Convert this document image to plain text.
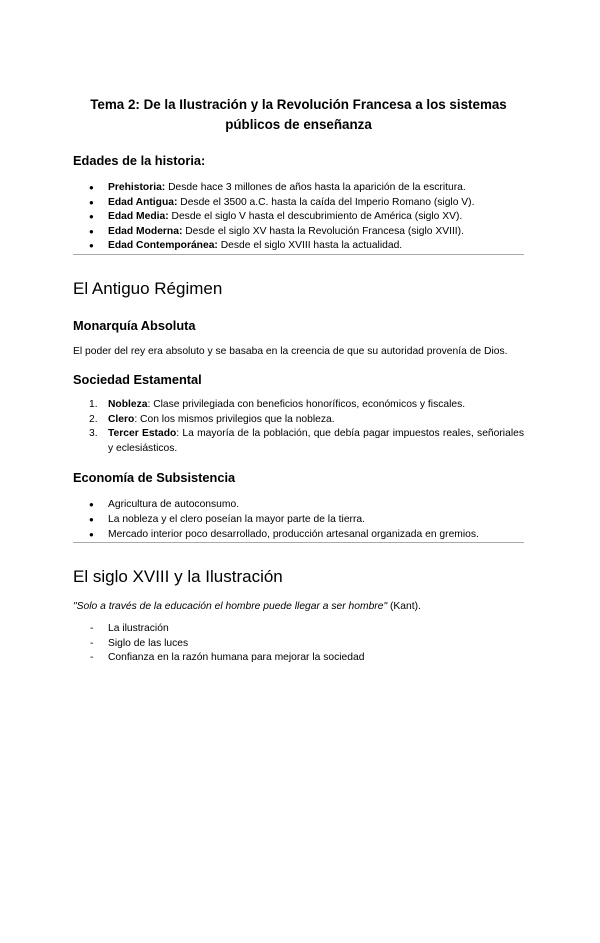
Tema 2: De la Ilustración y la Revolución Francesa a los sistemas
públicos de enseñanza
Edades de la historia:
● Prehistoria: Desde hace 3 millones de años hasta la aparición de la escritura.
● Edad Antigua: Desde el 3500 a.C. hasta la caída del Imperio Romano (siglo V).
● Edad Media: Desde el siglo V hasta el descubrimiento de América (siglo XV).
● Edad Moderna: Desde el siglo XV hasta la Revolución Francesa (siglo XVIII).
● Edad Contemporánea: Desde el siglo XVIII hasta la actualidad.
El Antiguo Régimen
Monarquía Absoluta

El poder del rey era absoluto y se basaba en la creencia de que su autoridad provenía de Dios.

Sociedad Estamental
1. Nobleza: Clase privilegiada con beneficios honoríficos, económicos y fiscales.
2. Clero: Con los mismos privilegios que la nobleza.
3. Tercer Estado: La mayoría de la población, que debía pagar impuestos reales, señoriales y eclesiásticos.
Economía de Subsistencia
● Agricultura de autoconsumo.
● La nobleza y el clero poseían la mayor parte de la tierra.
● Mercado interior poco desarrollado, producción artesanal organizada en gremios.
El siglo XVIII y la Ilustración

"Solo a través de la educación el hombre puede llegar a ser hombre" (Kant).

- La ilustración
- Siglo de las luces
- Confianza en la razón humana para mejorar la sociedad
